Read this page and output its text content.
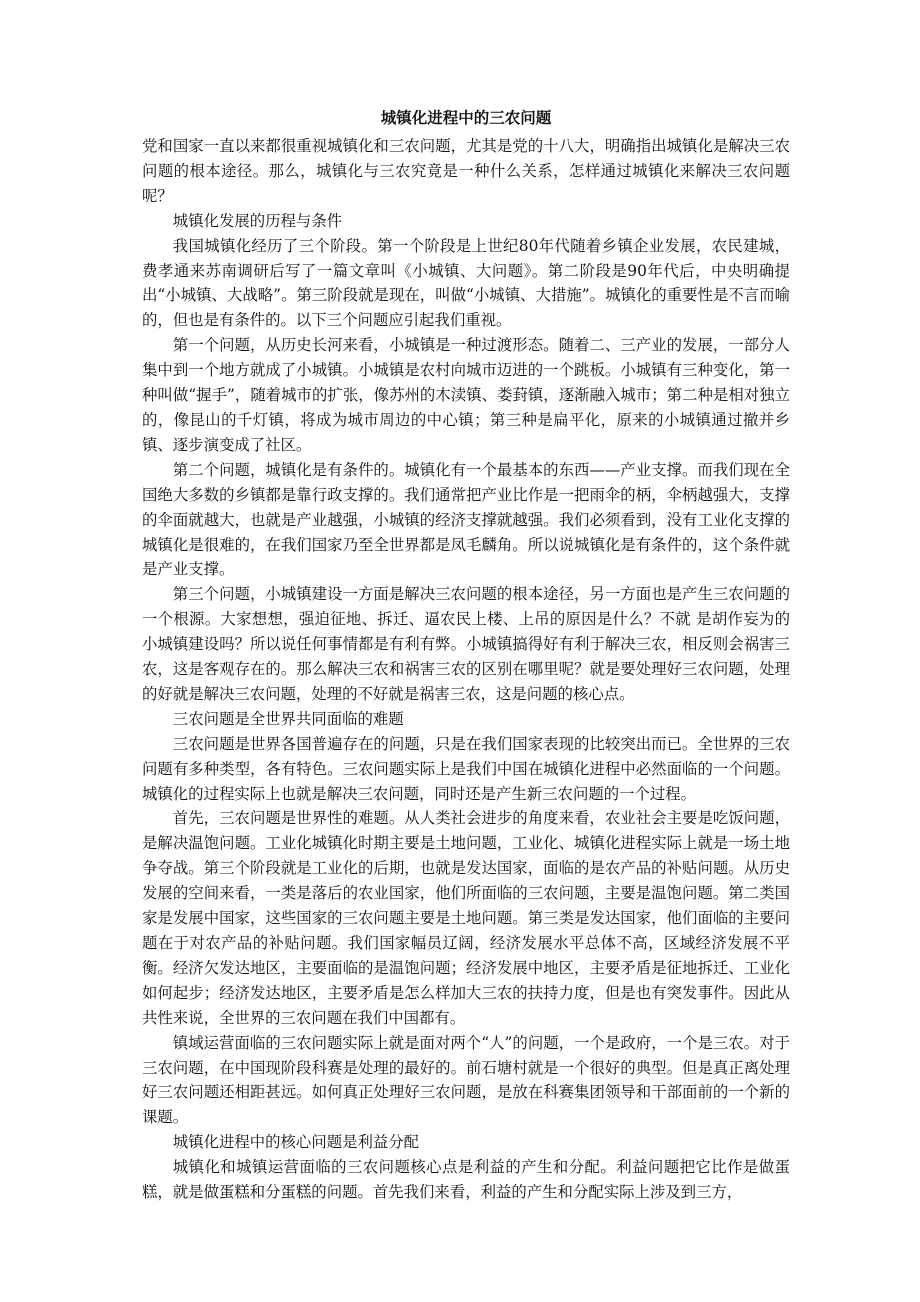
城镇化进程中的三农问题

党和国家一直以来都很重视城镇化和三农问题，尤其是党的十八大，明确指出城镇化是解决三农问题的根本途径。那么，城镇化与三农究竟是一种什么关系，怎样通过城镇化来解决三农问题呢？

城镇化发展的历程与条件

我国城镇化经历了三个阶段。第一个阶段是上世纪80年代随着乡镇企业发展，农民建城，费孝通来苏南调研后写了一篇文章叫《小城镇、大问题》。第二阶段是90年代后，中央明确提出“小城镇、大战略”。第三阶段就是现在，叫做“小城镇、大措施”。城镇化的重要性是不言而喻的，但也是有条件的。以下三个问题应引起我们重视。

第一个问题，从历史长河来看，小城镇是一种过渡形态。随着二、三产业的发展，一部分人集中到一个地方就成了小城镇。小城镇是农村向城市迈进的一个跳板。小城镇有三种变化，第一种叫做“握手”，随着城市的扩张，像苏州的木渎镇、娄葑镇，逐渐融入城市；第二种是相对独立的，像昆山的千灯镇，将成为城市周边的中心镇；第三种是扁平化，原来的小城镇通过撤并乡镇、逐步演变成了社区。

第二个问题，城镇化是有条件的。城镇化有一个最基本的东西——产业支撑。而我们现在全国绝大多数的乡镇都是靠行政支撑的。我们通常把产业比作是一把雨伞的柄，伞柄越强大，支撑的伞面就越大，也就是产业越强，小城镇的经济支撑就越强。我们必须看到，没有工业化支撑的城镇化是很难的，在我们国家乃至全世界都是凤毛麟角。所以说城镇化是有条件的，这个条件就是产业支撑。

第三个问题，小城镇建设一方面是解决三农问题的根本途径，另一方面也是产生三农问题的一个根源。大家想想，强迫征地、拆迁、逼农民上楼、上吊的原因是什么？不就 是胡作妄为的小城镇建设吗？所以说任何事情都是有利有弊。小城镇搞得好有利于解决三农，相反则会祸害三农，这是客观存在的。那么解决三农和祸害三农的区别在哪里呢？就是要处理好三农问题，处理的好就是解决三农问题，处理的不好就是祸害三农，这是问题的核心点。

三农问题是全世界共同面临的难题

三农问题是世界各国普遍存在的问题，只是在我们国家表现的比较突出而已。全世界的三农问题有多种类型，各有特色。三农问题实际上是我们中国在城镇化进程中必然面临的一个问题。城镇化的过程实际上也就是解决三农问题，同时还是产生新三农问题的一个过程。

首先，三农问题是世界性的难题。从人类社会进步的角度来看，农业社会主要是吃饭问题，是解决温饱问题。工业化城镇化时期主要是土地问题，工业化、城镇化进程实际上就是一场土地争夺战。第三个阶段就是工业化的后期，也就是发达国家，面临的是农产品的补贴问题。从历史发展的空间来看，一类是落后的农业国家，他们所面临的三农问题，主要是温饱问题。第二类国家是发展中国家，这些国家的三农问题主要是土地问题。第三类是发达国家，他们面临的主要问题在于对农产品的补贴问题。我们国家幅员辽阔，经济发展水平总体不高，区域经济发展不平衡。经济欠发达地区，主要面临的是温饱问题；经济发展中地区，主要矛盾是征地拆迁、工业化如何起步；经济发达地区，主要矛盾是怎么样加大三农的扶持力度，但是也有突发事件。因此从共性来说，全世界的三农问题在我们中国都有。

镇域运营面临的三农问题实际上就是面对两个“人”的问题，一个是政府，一个是三农。对于三农问题，在中国现阶段科赛是处理的最好的。前石塘村就是一个很好的典型。但是真正离处理好三农问题还相距甚远。如何真正处理好三农问题，是放在科赛集团领导和干部面前的一个新的课题。

城镇化进程中的核心问题是利益分配

城镇化和城镇运营面临的三农问题核心点是利益的产生和分配。利益问题把它比作是做蛋糕，就是做蛋糕和分蛋糕的问题。首先我们来看，利益的产生和分配实际上涉及到三方，
